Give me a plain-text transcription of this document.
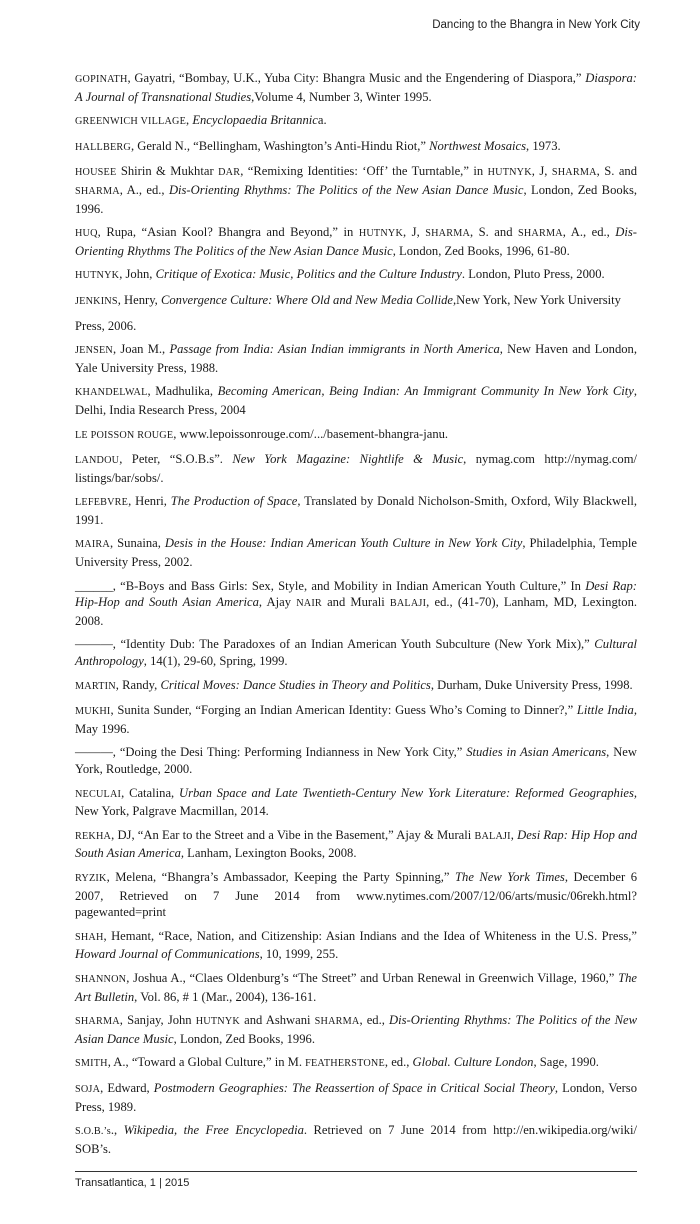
Dancing to the Bhangra in New York City

GOPINATH, Gayatri, “Bombay, U.K., Yuba City: Bhangra Music and the Engendering of Diaspora,” Diaspora: A Journal of Transnational Studies,Volume 4, Number 3, Winter 1995.

GREENWICH VILLAGE, Encyclopaedia Britannica.

HALLBERG, Gerald N., “Bellingham, Washington’s Anti-Hindu Riot,” Northwest Mosaics, 1973.

HOUSEE Shirin & Mukhtar DAR, “Remixing Identities: ‘Off’ the Turntable,” in HUTNYK, J, SHARMA, S. and SHARMA, A., ed., Dis-Orienting Rhythms: The Politics of the New Asian Dance Music, London, Zed Books, 1996.

HUQ, Rupa, “Asian Kool? Bhangra and Beyond,” in HUTNYK, J, SHARMA, S. and SHARMA, A., ed., Dis-Orienting Rhythms The Politics of the New Asian Dance Music, London, Zed Books, 1996, 61-80.

HUTNYK, John, Critique of Exotica: Music, Politics and the Culture Industry. London, Pluto Press, 2000.

JENKINS, Henry, Convergence Culture: Where Old and New Media Collide,New York, New York University

Press, 2006.

JENSEN, Joan M., Passage from India: Asian Indian immigrants in North America, New Haven and London, Yale University Press, 1988.

KHANDELWAL, Madhulika, Becoming American, Being Indian: An Immigrant Community In New York City, Delhi, India Research Press, 2004

LE POISSON ROUGE, www.lepoissonrouge.com/.../basement-bhangra-janu.

LANDOU, Peter, “S.O.B.s”. New York Magazine: Nightlife & Music, nymag.com http://nymag.com/ listings/bar/sobs/.

LEFEBVRE, Henri, The Production of Space, Translated by Donald Nicholson-Smith, Oxford, Wily Blackwell, 1991.

MAIRA, Sunaina, Desis in the House: Indian American Youth Culture in New York City, Philadelphia, Temple University Press, 2002.

______, “B-Boys and Bass Girls: Sex, Style, and Mobility in Indian American Youth Culture,” In Desi Rap: Hip-Hop and South Asian America, Ajay NAIR and Murali BALAJI, ed., (41-70), Lanham, MD, Lexington. 2008.

———, “Identity Dub: The Paradoxes of an Indian American Youth Subculture (New York Mix),” Cultural Anthropology, 14(1), 29-60, Spring, 1999.

MARTIN, Randy, Critical Moves: Dance Studies in Theory and Politics, Durham, Duke University Press, 1998.

MUKHI, Sunita Sunder, “Forging an Indian American Identity: Guess Who’s Coming to Dinner?,” Little India, May 1996.

———, “Doing the Desi Thing: Performing Indianness in New York City,” Studies in Asian Americans, New York, Routledge, 2000.

NECULAI, Catalina, Urban Space and Late Twentieth-Century New York Literature: Reformed Geographies, New York, Palgrave Macmillan, 2014.

REKHA, DJ, “An Ear to the Street and a Vibe in the Basement,” Ajay & Murali BALAJI, Desi Rap: Hip Hop and South Asian America, Lanham, Lexington Books, 2008.

RYZIK, Melena, “Bhangra’s Ambassador, Keeping the Party Spinning,” The New York Times, December 6 2007, Retrieved on 7 June 2014 from www.nytimes.com/2007/12/06/arts/music/06rekh.html? pagewanted=print

SHAH, Hemant, “Race, Nation, and Citizenship: Asian Indians and the Idea of Whiteness in the U.S. Press,” Howard Journal of Communications, 10, 1999, 255.

SHANNON, Joshua A., “Claes Oldenburg’s “The Street” and Urban Renewal in Greenwich Village, 1960,” The Art Bulletin, Vol. 86, # 1 (Mar., 2004), 136-161.

SHARMA, Sanjay, John HUTNYK and Ashwani SHARMA, ed., Dis-Orienting Rhythms: The Politics of the New Asian Dance Music, London, Zed Books, 1996.

SMITH, A., “Toward a Global Culture,” in M. FEATHERSTONE, ed., Global. Culture London, Sage, 1990.

SOJA, Edward, Postmodern Geographies: The Reassertion of Space in Critical Social Theory, London, Verso Press, 1989.

S.O.B.’s., Wikipedia, the Free Encyclopedia. Retrieved on 7 June 2014 from http://en.wikipedia.org/wiki/ SOB’s.

Transatlantica, 1 | 2015
